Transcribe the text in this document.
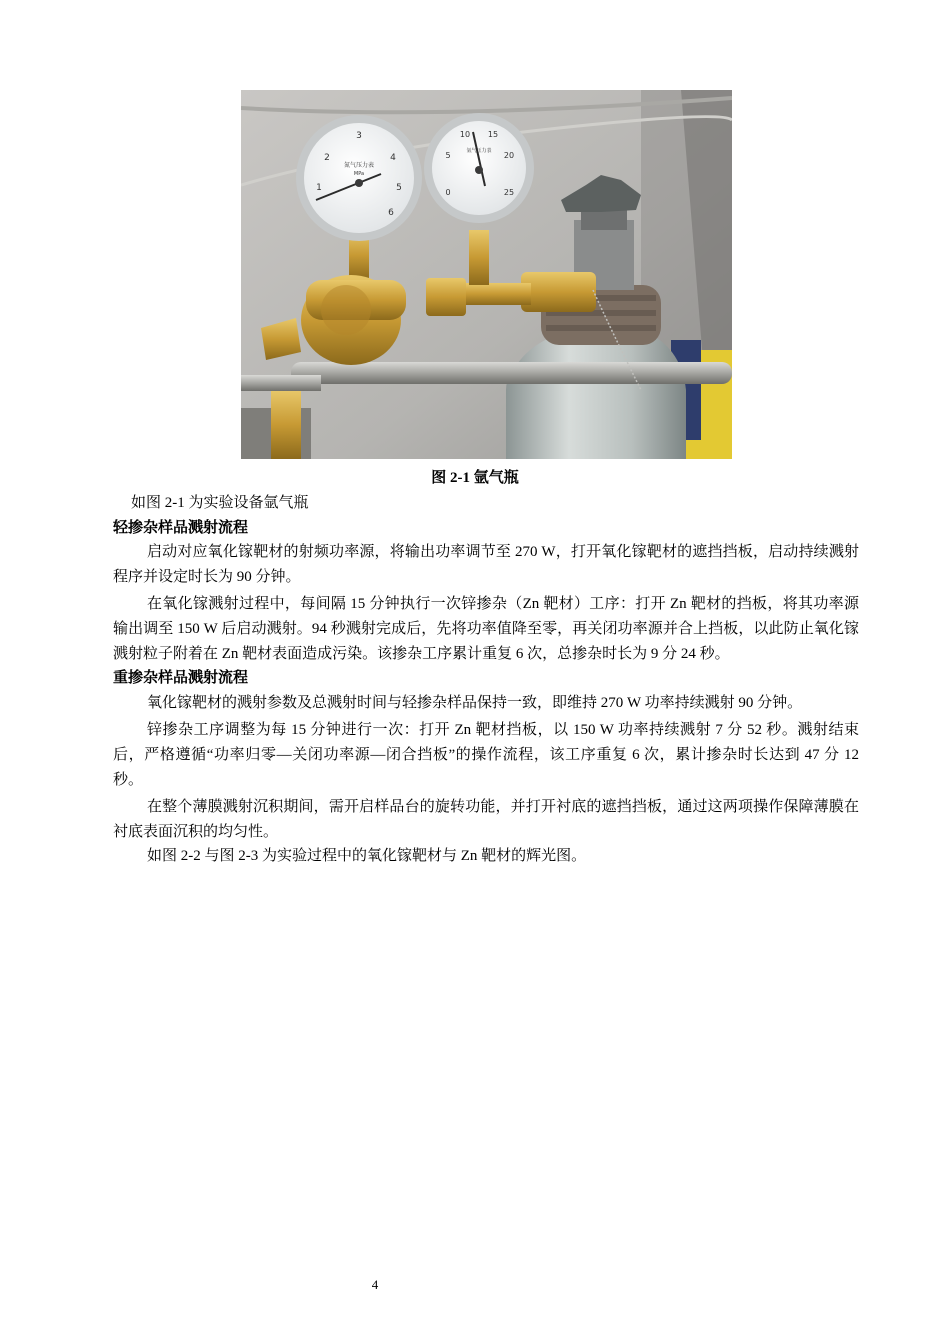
3
2	4
1	5
6
氮气压力表
MPa
10 15
5	20
0	25
氩气压力表
图 2-1 氩气瓶

如图 2-1 为实验设备氩气瓶

轻掺杂样品溅射流程

启动对应氧化镓靶材的射频功率源，将输出功率调节至 270 W，打开氧化镓靶材的遮挡挡板，启动持续溅射程序并设定时长为 90 分钟。

在氧化镓溅射过程中，每间隔 15 分钟执行一次锌掺杂（Zn 靶材）工序：打开 Zn 靶材的挡板，将其功率源输出调至 150 W 后启动溅射。94 秒溅射完成后，先将功率值降至零，再关闭功率源并合上挡板，以此防止氧化镓溅射粒子附着在 Zn 靶材表面造成污染。该掺杂工序累计重复 6 次，总掺杂时长为 9 分 24 秒。

重掺杂样品溅射流程

氧化镓靶材的溅射参数及总溅射时间与轻掺杂样品保持一致，即维持 270 W 功率持续溅射 90 分钟。

锌掺杂工序调整为每 15 分钟进行一次：打开 Zn 靶材挡板，以 150 W 功率持续溅射 7 分 52 秒。溅射结束后，严格遵循“功率归零—关闭功率源—闭合挡板”的操作流程，该工序重复 6 次，累计掺杂时长达到 47 分 12 秒。

在整个薄膜溅射沉积期间，需开启样品台的旋转功能，并打开衬底的遮挡挡板，通过这两项操作保障薄膜在衬底表面沉积的均匀性。

如图 2-2 与图 2-3 为实验过程中的氧化镓靶材与 Zn 靶材的辉光图。

4
